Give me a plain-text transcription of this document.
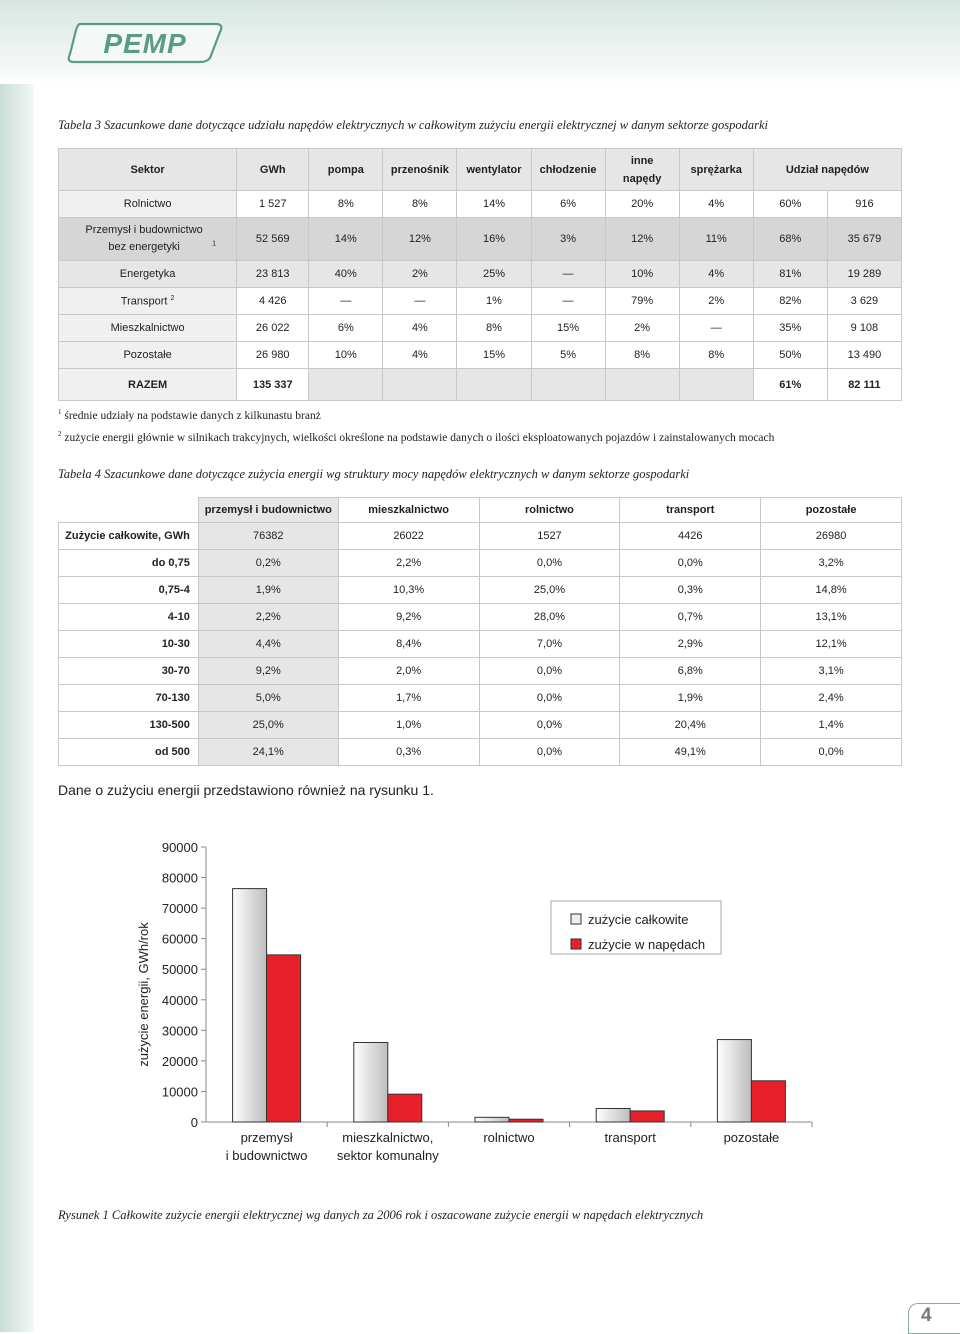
PEMP
Tabela 3 Szacunkowe dane dotyczące udziału napędów elektrycznych w całkowitym zużyciu energii elektrycznej w danym sektorze gospodarki
Sektor	GWh	pompa	przenośnik	wentylator	chłodzenie	inne napędy	sprężarka	Udział napędów	
Rolnictwo	1 527	8%	8%	14%	6%	20%	4%	60%	916
Przemysł i budownictwo bez energetyki $^1$	52 569	14%	12%	16%	3%	12%	11%	68%	35 679
Energetyka	23 813	40%	2%	25%	—	10%	4%	81%	19 289
Transport $^2$	4 426	—	—	1%	—	79%	2%	82%	3 629
Mieszkalnictwo	26 022	6%	4%	8%	15%	2%	—	35%	9 108
Pozostałe	26 980	10%	4%	15%	5%	8%	8%	50%	13 490
RAZEM	135 337							61%	82 111
$^1$ średnie udziały na podstawie danych z kilkunastu branż
$^2$ zużycie energii głównie w silnikach trakcyjnych, wielkości określone na podstawie danych o ilości eksploatowanych pojazdów i zainstalowanych mocach
Tabela 4 Szacunkowe dane dotyczące zużycia energii wg struktury mocy napędów elektrycznych w danym sektorze gospodarki
	przemysł i budownictwo	mieszkalnictwo	rolnictwo	transport	pozostałe
Zużycie całkowite, GWh	76382	26022	1527	4426	26980
do 0,75	0,2%	2,2%	0,0%	0,0%	3,2%
0,75-4	1,9%	10,3%	25,0%	0,3%	14,8%
4-10	2,2%	9,2%	28,0%	0,7%	13,1%
10-30	4,4%	8,4%	7,0%	2,9%	12,1%
30-70	9,2%	2,0%	0,0%	6,8%	3,1%
70-130	5,0%	1,7%	0,0%	1,9%	2,4%
130-500	25,0%	1,0%	0,0%	20,4%	1,4%
od 500	24,1%	0,3%	0,0%	49,1%	0,0%
Dane o zużyciu energii przedstawiono również na rysunku 1.
0
10000
20000
30000
40000
50000
60000
70000
80000
90000
zużycie energii, GWh/rok
przemysł
i budownictwo
mieszkalnictwo,
sektor komunalny
rolnictwo	transport	pozostałe
zużycie całkowite
zużycie w napędach
Rysunek 1 Całkowite zużycie energii elektrycznej wg danych za 2006 rok i oszacowane zużycie energii w napędach elektrycznych
4
